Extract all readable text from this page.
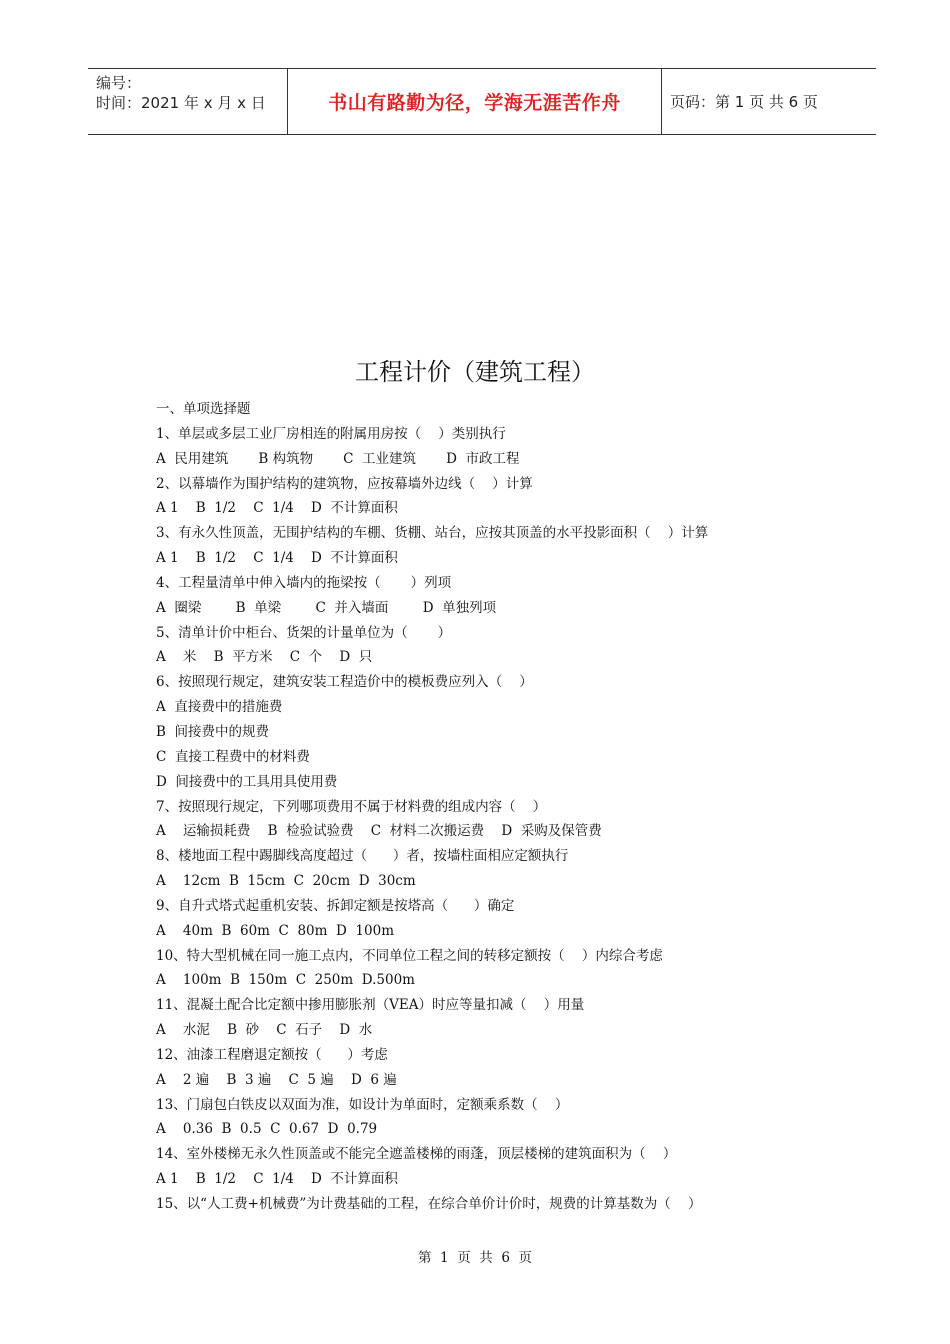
编号：
时间：2021 年 x 月 x 日	书山有路勤为径，学海无涯苦作舟	页码：第 1 页 共 6 页
工程计价（建筑工程）
一、单项选择题
1、单层或多层工业厂房相连的附属用房按（    ）类别执行
A  民用建筑       B 构筑物       C  工业建筑       D  市政工程
2、以幕墙作为围护结构的建筑物，应按幕墙外边线（    ）计算
A 1    B  1/2    C  1/4    D  不计算面积
3、有永久性顶盖，无围护结构的车棚、货棚、站台，应按其顶盖的水平投影面积（    ）计算
A 1    B  1/2    C  1/4    D  不计算面积
4、工程量清单中伸入墙内的拖梁按（       ）列项
A  圈梁        B  单梁        C  并入墙面        D  单独列项
5、清单计价中柜台、货架的计量单位为（       ）
A    米    B  平方米    C  个    D  只
6、按照现行规定，建筑安装工程造价中的模板费应列入（    ）
A  直接费中的措施费
B  间接费中的规费
C  直接工程费中的材料费
D  间接费中的工具用具使用费
7、按照现行规定，下列哪项费用不属于材料费的组成内容（    ）
A    运输损耗费    B  检验试验费    C  材料二次搬运费    D  采购及保管费
8、楼地面工程中踢脚线高度超过（      ）者，按墙柱面相应定额执行
A    12cm  B  15cm  C  20cm  D  30cm
9、自升式塔式起重机安装、拆卸定额是按塔高（      ）确定
A    40m  B  60m  C  80m  D  100m
10、特大型机械在同一施工点内，不同单位工程之间的转移定额按（    ）内综合考虑
A    100m  B  150m  C  250m  D.500m
11、混凝土配合比定额中掺用膨胀剂（VEA）时应等量扣减（    ）用量
A    水泥    B  砂    C  石子    D  水
12、油漆工程磨退定额按（      ）考虑
A    2 遍    B  3 遍    C  5 遍    D  6 遍
13、门扇包白铁皮以双面为准，如设计为单面时，定额乘系数（    ）
A    0.36  B  0.5  C  0.67  D  0.79
14、室外楼梯无永久性顶盖或不能完全遮盖楼梯的雨蓬，顶层楼梯的建筑面积为（    ）
A 1    B  1/2    C  1/4    D  不计算面积
15、以“人工费+机械费”为计费基础的工程，在综合单价计价时，规费的计算基数为（    ）
第  1  页  共  6  页
